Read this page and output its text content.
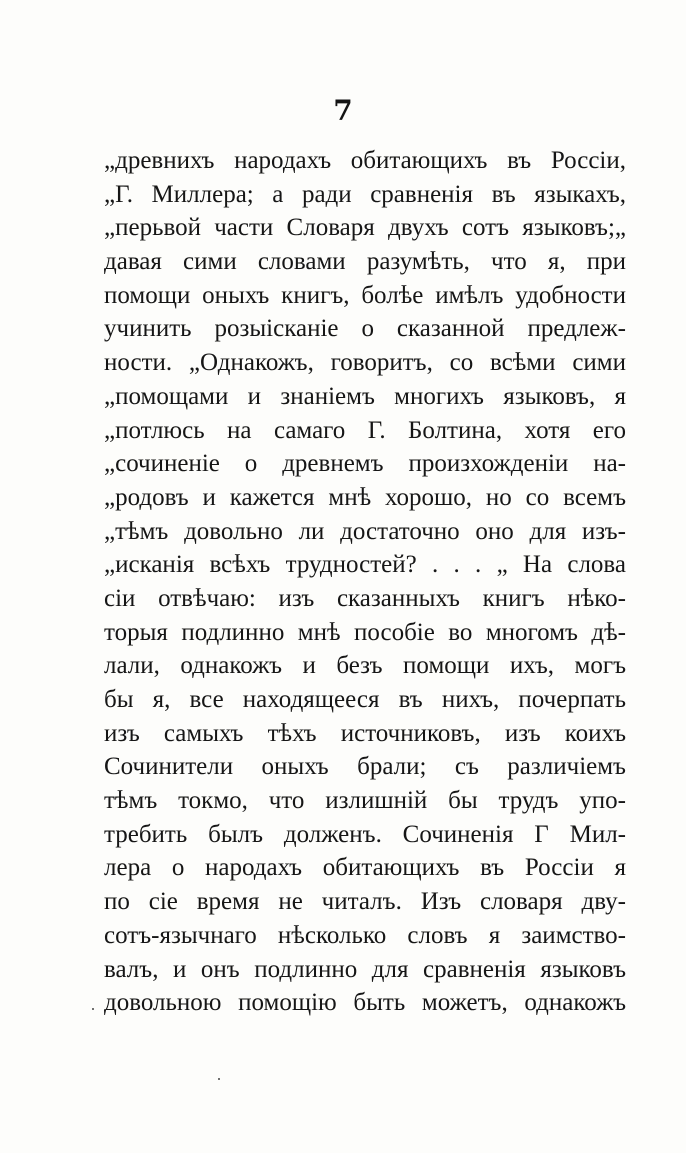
7
„древнихъ народахъ обитающихъ въ Россіи,
„Г. Миллера; а ради сравненія въ языкахъ,
„перьвой части Словаря двухъ сотъ языковъ;„
давая сими словами разумѣть, что я, при
помощи оныхъ книгъ, болѣе имѣлъ удобности
учинить розыісканіе о сказанной предлеж-
ности. „Однакожъ, говоритъ, со всѣми сими
„помощами и знаніемъ многихъ языковъ, я
„потлюсь на самаго Г. Болтина, хотя его
„сочиненіе о древнемъ произхожденіи на-
„родовъ и кажется мнѣ хорошо, но со всемъ
„тѣмъ довольно ли достаточно оно для изъ-
„исканія всѣхъ трудностей? . . . „ На слова
сіи отвѣчаю: изъ сказанныхъ книгъ нѣко-
торыя подлинно мнѣ пособіе во многомъ дѣ-
лали, однакожъ и безъ помощи ихъ, могъ
бы я, все находящееся въ нихъ, почерпать
изъ самыхъ тѣхъ источниковъ, изъ коихъ
Сочинители оныхъ брали; съ различіемъ
тѣмъ токмо, что излишній бы трудъ упо-
требить былъ долженъ. Сочиненія Г Мил-
лера о народахъ обитающихъ въ Россіи я
по сіе время не читалъ. Изъ словаря дву-
сотъ-язычнаго нѣсколько словъ я заимство-
валъ, и онъ подлинно для сравненія языковъ
довольною помощію быть можетъ, однакожъ
